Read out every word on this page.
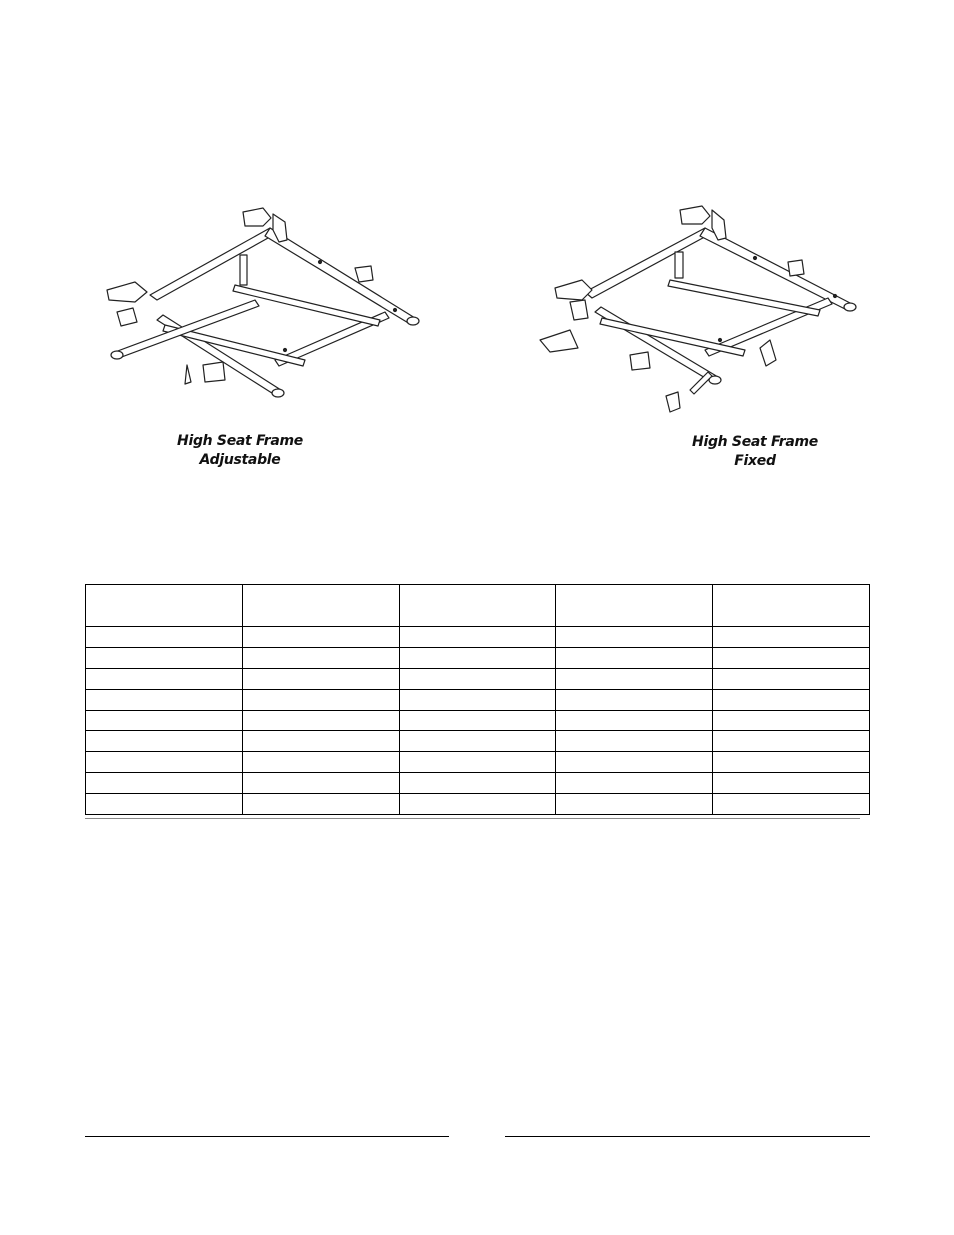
High Seat Frame
Adjustable
High Seat Frame
Fixed
